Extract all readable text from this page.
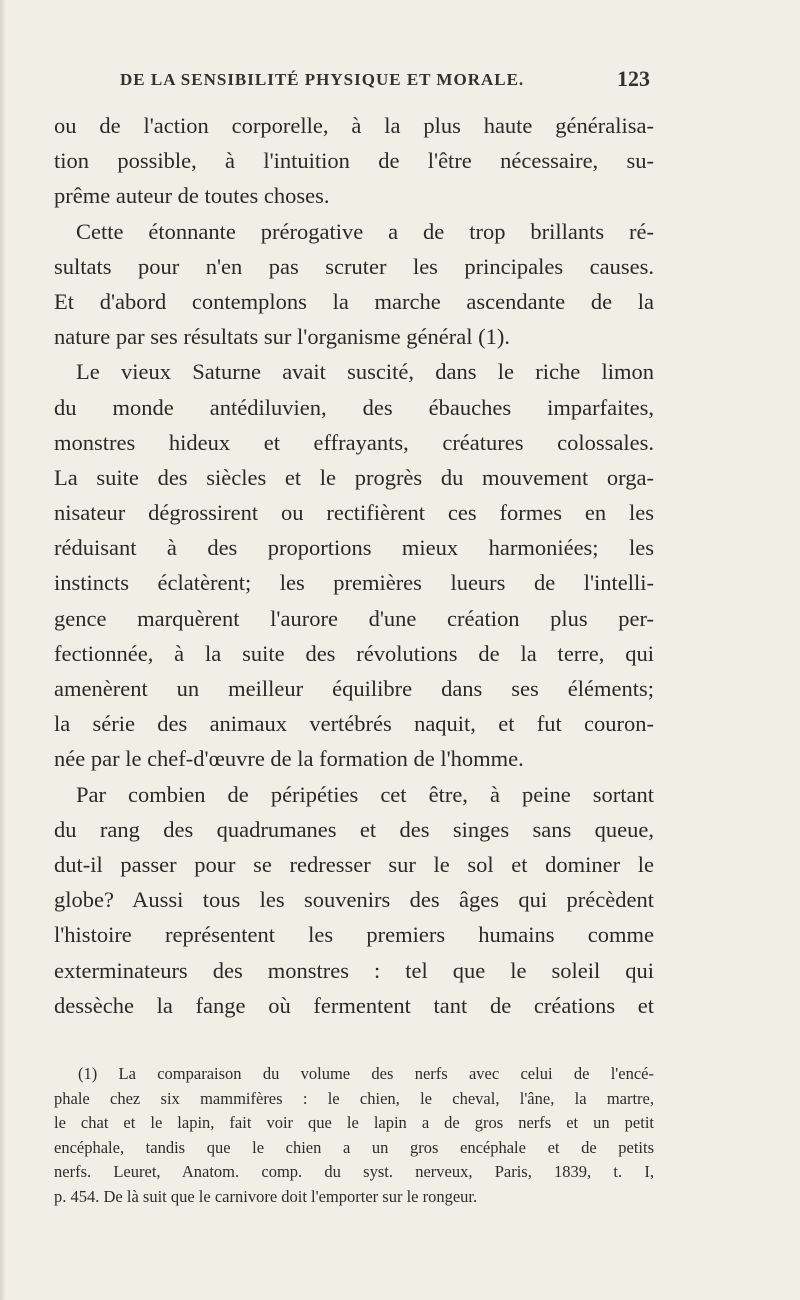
DE LA SENSIBILITÉ PHYSIQUE ET MORALE.	123
ou de l'action corporelle, à la plus haute généralisa-
tion possible, à l'intuition de l'être nécessaire, su-
prême auteur de toutes choses.
Cette étonnante prérogative a de trop brillants ré-
sultats pour n'en pas scruter les principales causes.
Et d'abord contemplons la marche ascendante de la
nature par ses résultats sur l'organisme général (1).
Le vieux Saturne avait suscité, dans le riche limon
du monde antédiluvien, des ébauches imparfaites,
monstres hideux et effrayants, créatures colossales.
La suite des siècles et le progrès du mouvement orga-
nisateur dégrossirent ou rectifièrent ces formes en les
réduisant à des proportions mieux harmoniées; les
instincts éclatèrent; les premières lueurs de l'intelli-
gence marquèrent l'aurore d'une création plus per-
fectionnée, à la suite des révolutions de la terre, qui
amenèrent un meilleur équilibre dans ses éléments;
la série des animaux vertébrés naquit, et fut couron-
née par le chef-d'œuvre de la formation de l'homme.
Par combien de péripéties cet être, à peine sortant
du rang des quadrumanes et des singes sans queue,
dut-il passer pour se redresser sur le sol et dominer le
globe? Aussi tous les souvenirs des âges qui précèdent
l'histoire représentent les premiers humains comme
exterminateurs des monstres : tel que le soleil qui
dessèche la fange où fermentent tant de créations et
(1) La comparaison du volume des nerfs avec celui de l'encé-
phale chez six mammifères : le chien, le cheval, l'âne, la martre,
le chat et le lapin, fait voir que le lapin a de gros nerfs et un petit
encéphale, tandis que le chien a un gros encéphale et de petits
nerfs. Leuret, Anatom. comp. du syst. nerveux, Paris, 1839, t. I,
p. 454. De là suit que le carnivore doit l'emporter sur le rongeur.
